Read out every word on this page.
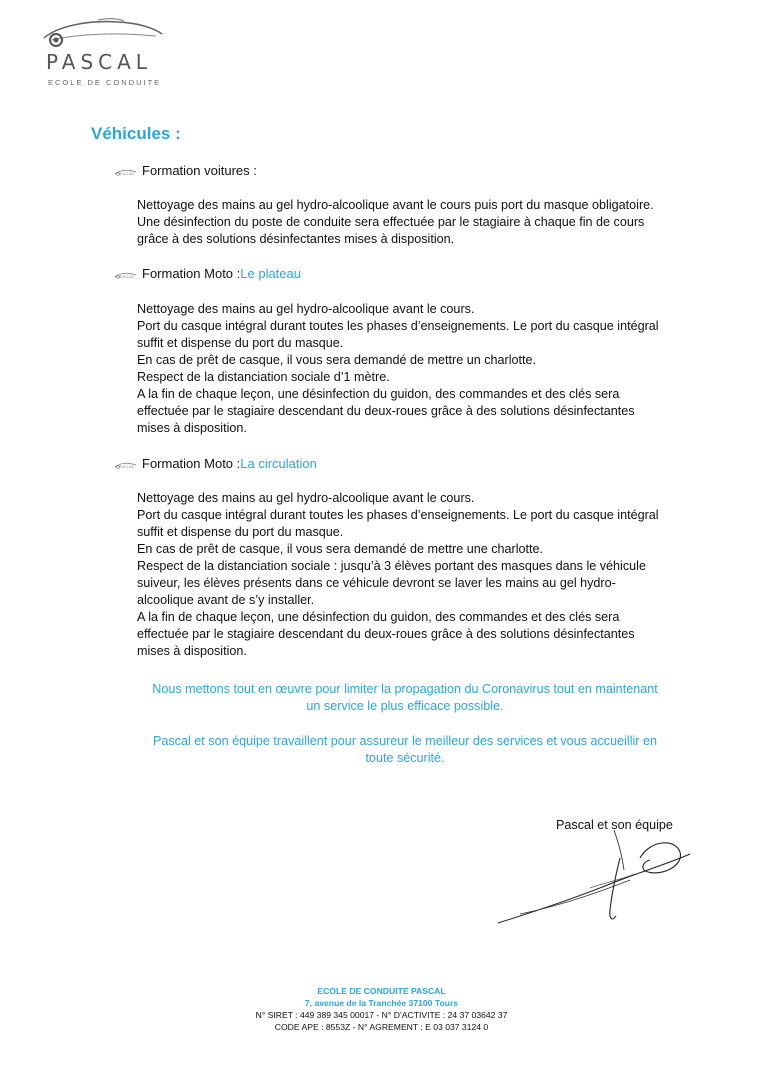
PASCAL
ECOLE DE CONDUITE
Véhicules :
PASCAL Formation voitures :

Nettoyage des mains au gel hydro-alcoolique avant le cours puis port du masque obligatoire.

Une désinfection du poste de conduite sera effectuée par le stagiaire à chaque fin de cours

grâce à des solutions désinfectantes mises à disposition.

PASCAL Formation Moto : Le plateau

Nettoyage des mains au gel hydro-alcoolique avant le cours.

Port du casque intégral durant toutes les phases d’enseignements. Le port du casque intégral

suffit et dispense du port du masque.

En cas de prêt de casque, il vous sera demandé de mettre un charlotte.

Respect de la distanciation sociale d’1 mètre.

A la fin de chaque leçon, une désinfection du guidon, des commandes et des clés sera

effectuée par le stagiaire descendant du deux-roues grâce à des solutions désinfectantes

mises à disposition.

PASCAL Formation Moto : La circulation

Nettoyage des mains au gel hydro-alcoolique avant le cours.

Port du casque intégral durant toutes les phases d’enseignements. Le port du casque intégral

suffit et dispense du port du masque.

En cas de prêt de casque, il vous sera demandé de mettre une charlotte.

Respect de la distanciation sociale : jusqu’à 3 élèves portant des masques dans le véhicule

suiveur, les élèves présents dans ce véhicule devront se laver les mains au gel hydro-

alcoolique avant de s’y installer.

A la fin de chaque leçon, une désinfection du guidon, des commandes et des clés sera

effectuée par le stagiaire descendant du deux-roues grâce à des solutions désinfectantes

mises à disposition.

Nous mettons tout en œuvre pour limiter la propagation du Coronavirus tout en maintenant
un service le plus efficace possible.
Pascal et son équipe travaillent pour assureur le meilleur des services et vous accueillir en
toute sécurité.
Pascal et son équipe
ECOLE DE CONDUITE PASCAL
7, avenue de la Tranchée 37100 Tours
N° SIRET : 449 389 345 00017 - N° D’ACTIVITE : 24 37 03642 37
CODE APE : 8553Z - N° AGREMENT : E 03 037 3124 0
